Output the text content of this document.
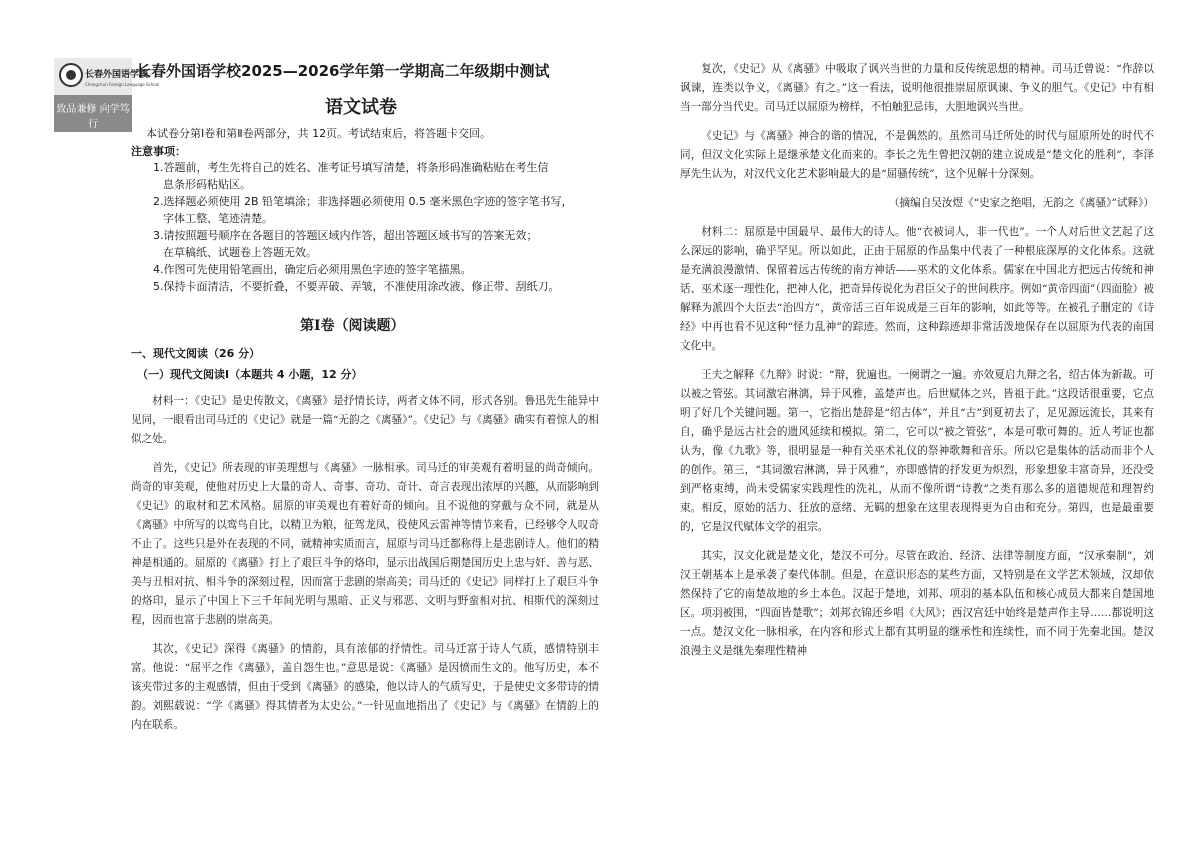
长春外国语学校
Changchun Foreign Language School
致品兼修 向学笃行
Moral Cultivation Persistent Endeavor
长春外国语学校2025—2026学年第一学期高二年级期中测试
语文试卷
本试卷分第Ⅰ卷和第Ⅱ卷两部分，共 12页。考试结束后，将答题卡交回。
注意事项：

1.答题前，考生先将自己的姓名、准考证号填写清楚，将条形码准确粘贴在考生信

息条形码粘贴区。

2.选择题必须使用 2B 铅笔填涂；非选择题必须使用 0.5 毫米黑色字迹的签字笔书写，

字体工整、笔迹清楚。

3.请按照题号顺序在各题目的答题区域内作答，超出答题区域书写的答案无效；

在草稿纸、试题卷上答题无效。

4.作图可先使用铅笔画出，确定后必须用黑色字迹的签字笔描黑。

5.保持卡面清洁，不要折叠，不要弄破、弄皱，不准使用涂改液、修正带、刮纸刀。

第Ⅰ卷（阅读题）
一、现代文阅读（26 分）
（一）现代文阅读Ⅰ（本题共 4 小题，12 分）

材料一：《史记》是史传散文，《离骚》是抒情长诗，两者文体不同，形式各别。鲁迅先生能异中见同，一眼看出司马迁的《史记》就是一篇“无韵之《离骚》”。《史记》与《离骚》确实有着惊人的相似之处。

首先，《史记》所表现的审美理想与《离骚》一脉相承。司马迁的审美观有着明显的尚奇倾向。尚奇的审美观，使他对历史上大量的奇人、奇事、奇功、奇计、奇言表现出浓厚的兴趣，从而影响到《史记》的取材和艺术风格。屈原的审美观也有着好奇的倾向。且不说他的穿戴与众不同，就是从《离骚》中所写的以鸾鸟自比，以精卫为粮，征驾龙凤，役使风云雷神等情节来看，已经够令人叹奇不止了。这些只是外在表现的不同，就精神实质而言，屈原与司马迁都称得上是悲剧诗人。他们的精神是相通的。屈原的《离骚》打上了艰巨斗争的烙印，显示出战国后期楚国历史上忠与奸、善与恶、美与丑相对抗、相斗争的深刻过程，因而富于悲剧的崇高美；司马迁的《史记》同样打上了艰巨斗争的烙印，显示了中国上下三千年间光明与黑暗、正义与邪恶、文明与野蛮相对抗、相斯代的深刻过程，因而也富于悲剧的崇高美。

其次，《史记》深得《离骚》的情韵，具有浓郁的抒情性。司马迁富于诗人气质，感情特别丰富。他说：“屈平之作《离骚》，盖自怨生也。”意思是说：《离骚》是因愤而生文的。他写历史，本不该夹带过多的主观感情，但由于受到《离骚》的感染，他以诗人的气质写史，于是使史文多带诗的情韵。刘熙载说：“学《离骚》得其情者为太史公。”一针见血地指出了《史记》与《离骚》在情韵上的内在联系。

复次，《史记》从《离骚》中吸取了讽兴当世的力量和反传统思想的精神。司马迁曾说：“作辞以讽谏，连类以争义，《离骚》有之。”这一看法，说明他很推崇屈原讽谏、争义的胆气。《史记》中有相当一部分当代史。司马迁以屈原为榜样，不怕触犯忌讳，大胆地讽兴当世。

《史记》与《离骚》神合的谐的情况，不是偶然的。虽然司马迁所处的时代与屈原所处的时代不同，但汉文化实际上是继承楚文化而来的。李长之先生曾把汉朝的建立说成是“楚文化的胜利”，李泽厚先生认为，对汉代文化艺术影响最大的是“屈骚传统”，这个见解十分深刻。

（摘编自吴汝煜《“史家之绝唱，无韵之《离骚》”试释》）

材料二：屈原是中国最早、最伟大的诗人。他“衣被词人，非一代也”。一个人对后世文艺起了这么深远的影响，确乎罕见。所以如此，正由于屈原的作品集中代表了一种根底深厚的文化体系。这就是充满浪漫激情、保留着远古传统的南方神话——巫术的文化体系。儒家在中国北方把远古传统和神话、巫术逐一理性化，把神人化，把奇异传说化为君臣父子的世间秩序。例如“黄帝四面”（四面脸）被解释为派四个大臣去“治四方”，黄帝活三百年说成是三百年的影响，如此等等。在被孔子删定的《诗经》中再也看不见这种“怪力乱神”的踪迹。然而，这种踪迹却非常活泼地保存在以屈原为代表的南国文化中。

王夫之解释《九辩》时说：“辩，犹遍也。一阕谓之一遍。亦效夏启九辩之名，绍古体为新裁。可以被之管弦。其词激宕淋漓，异于风雅，盖楚声也。后世赋体之兴，皆祖于此。”这段话很重要，它点明了好几个关键问题。第一，它指出楚辞是“绍古体”，并且“古”到夏初去了，足见源远流长，其来有自，确乎是远古社会的遗风延续和模拟。第二，它可以“被之管弦”，本是可歌可舞的。近人考证也都认为，像《九歌》等，很明显是一种有关巫术礼仪的祭神歌舞和音乐。所以它是集体的活动而非个人的创作。第三，“其词激宕淋漓，异于风雅”，亦即感情的抒发更为炽烈，形象想象丰富奇异，还没受到严格束缚，尚未受儒家实践理性的洗礼，从而不像所谓“诗教”之类有那么多的道德规范和理智约束。相反，原始的活力、狂放的意绪、无羁的想象在这里表现得更为自由和充分。第四，也是最重要的，它是汉代赋体文学的祖宗。

其实，汉文化就是楚文化，楚汉不可分。尽管在政治、经济、法律等制度方面，“汉承秦制”，刘汉王朝基本上是承袭了秦代体制。但是，在意识形态的某些方面，又特别是在文学艺术领域，汉却依然保持了它的南楚故地的乡土本色。汉起于楚地，刘邦、项羽的基本队伍和核心成员大都来自楚国地区。项羽被围，“四面皆楚歌”；刘邦衣锦还乡唱《大风》；西汉宫廷中始终是楚声作主导……都说明这一点。楚汉文化一脉相承，在内容和形式上都有其明显的继承性和连续性，而不同于先秦北国。楚汉浪漫主义是继先秦理性精神
